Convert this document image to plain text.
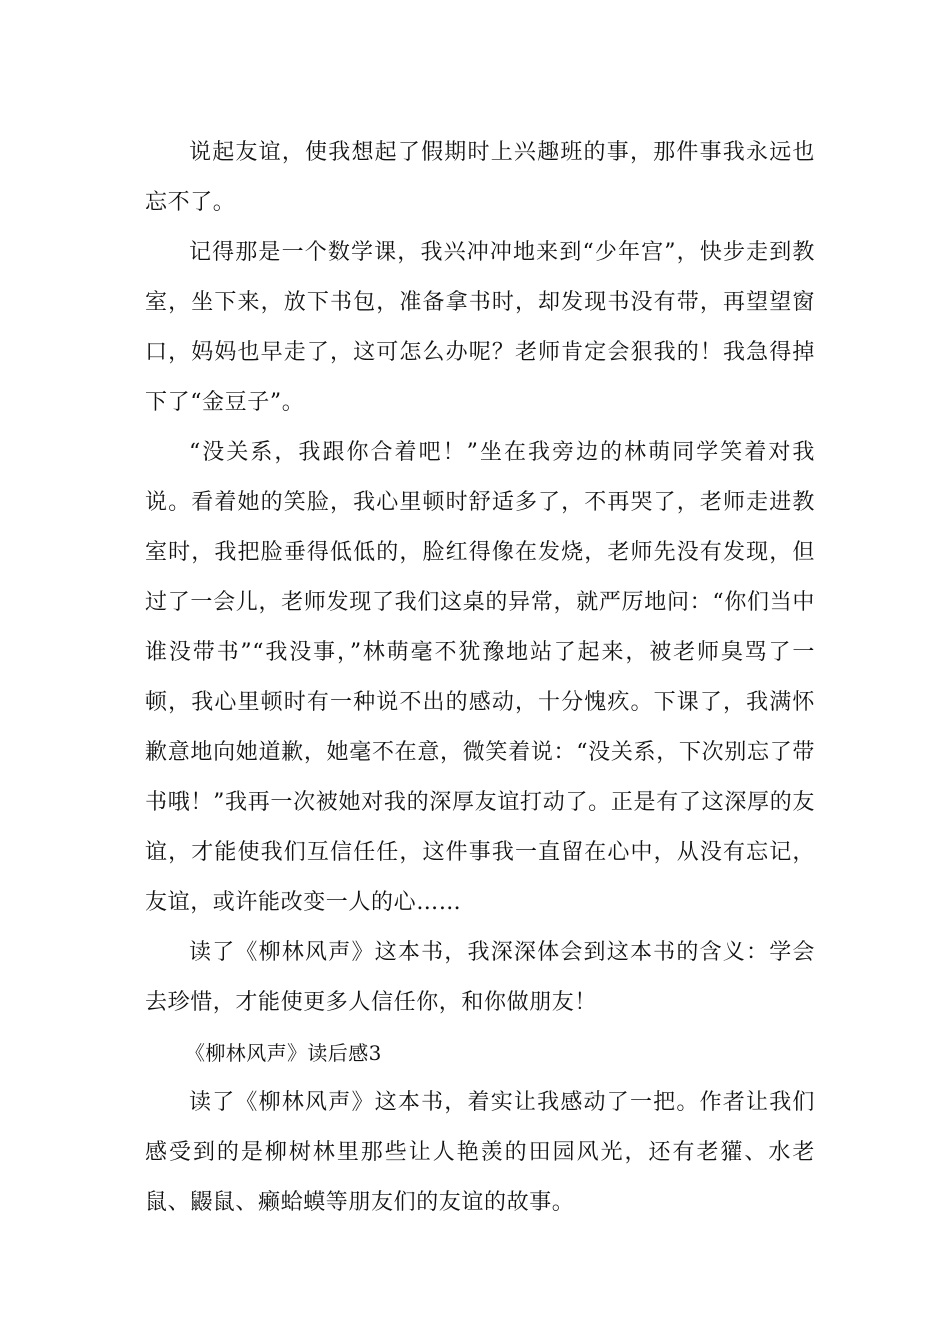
说起友谊，使我想起了假期时上兴趣班的事，那件事我永远也忘不了。

记得那是一个数学课，我兴冲冲地来到“少年宫”，快步走到教室，坐下来，放下书包，准备拿书时，却发现书没有带，再望望窗口，妈妈也早走了，这可怎么办呢？老师肯定会狠我的！我急得掉下了“金豆子”。

“没关系，我跟你合着吧！”坐在我旁边的林萌同学笑着对我说。看着她的笑脸，我心里顿时舒适多了，不再哭了，老师走进教室时，我把脸垂得低低的，脸红得像在发烧，老师先没有发现，但过了一会儿，老师发现了我们这桌的异常，就严厉地问：“你们当中谁没带书”“我没事，”林萌毫不犹豫地站了起来，被老师臭骂了一顿，我心里顿时有一种说不出的感动，十分愧疚。下课了，我满怀歉意地向她道歉，她毫不在意，微笑着说：“没关系，下次别忘了带书哦！”我再一次被她对我的深厚友谊打动了。正是有了这深厚的友谊，才能使我们互信任任，这件事我一直留在心中，从没有忘记，友谊，或许能改变一人的心……

读了《柳林风声》这本书，我深深体会到这本书的含义：学会去珍惜，才能使更多人信任你，和你做朋友！

《柳林风声》读后感3

读了《柳林风声》这本书，着实让我感动了一把。作者让我们感受到的是柳树林里那些让人艳羡的田园风光，还有老獾、水老鼠、鼹鼠、癞蛤蟆等朋友们的友谊的故事。
